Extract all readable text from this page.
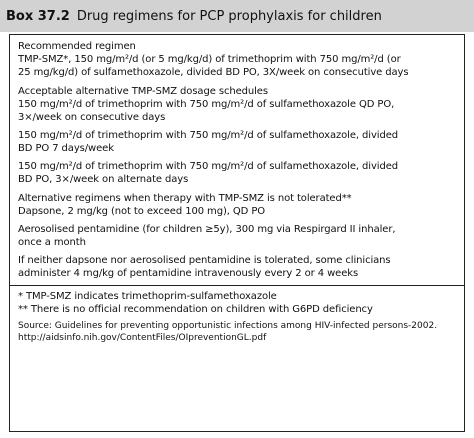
Box 37.2 Drug regimens for PCP prophylaxis for children

Recommended regimen

TMP-SMZ*, 150 mg/m²/d (or 5 mg/kg/d) of trimethoprim with 750 mg/m²/d (or

25 mg/kg/d) of sulfamethoxazole, divided BD PO, 3X/week on consecutive days

Acceptable alternative TMP-SMZ dosage schedules

150 mg/m²/d of trimethoprim with 750 mg/m²/d of sulfamethoxazole QD PO,

3×/week on consecutive days

150 mg/m²/d of trimethoprim with 750 mg/m²/d of sulfamethoxazole, divided

BD PO 7 days/week

150 mg/m²/d of trimethoprim with 750 mg/m²/d of sulfamethoxazole, divided

BD PO, 3×/week on alternate days

Alternative regimens when therapy with TMP-SMZ is not tolerated**

Dapsone, 2 mg/kg (not to exceed 100 mg), QD PO

Aerosolised pentamidine (for children ≥5y), 300 mg via Respirgard II inhaler,

once a month

If neither dapsone nor aerosolised pentamidine is tolerated, some clinicians

administer 4 mg/kg of pentamidine intravenously every 2 or 4 weeks

* TMP-SMZ indicates trimethoprim-sulfamethoxazole

** There is no official recommendation on children with G6PD deficiency

Source: Guidelines for preventing opportunistic infections among HIV-infected persons-2002.
http://aidsinfo.nih.gov/ContentFiles/OIpreventionGL.pdf
